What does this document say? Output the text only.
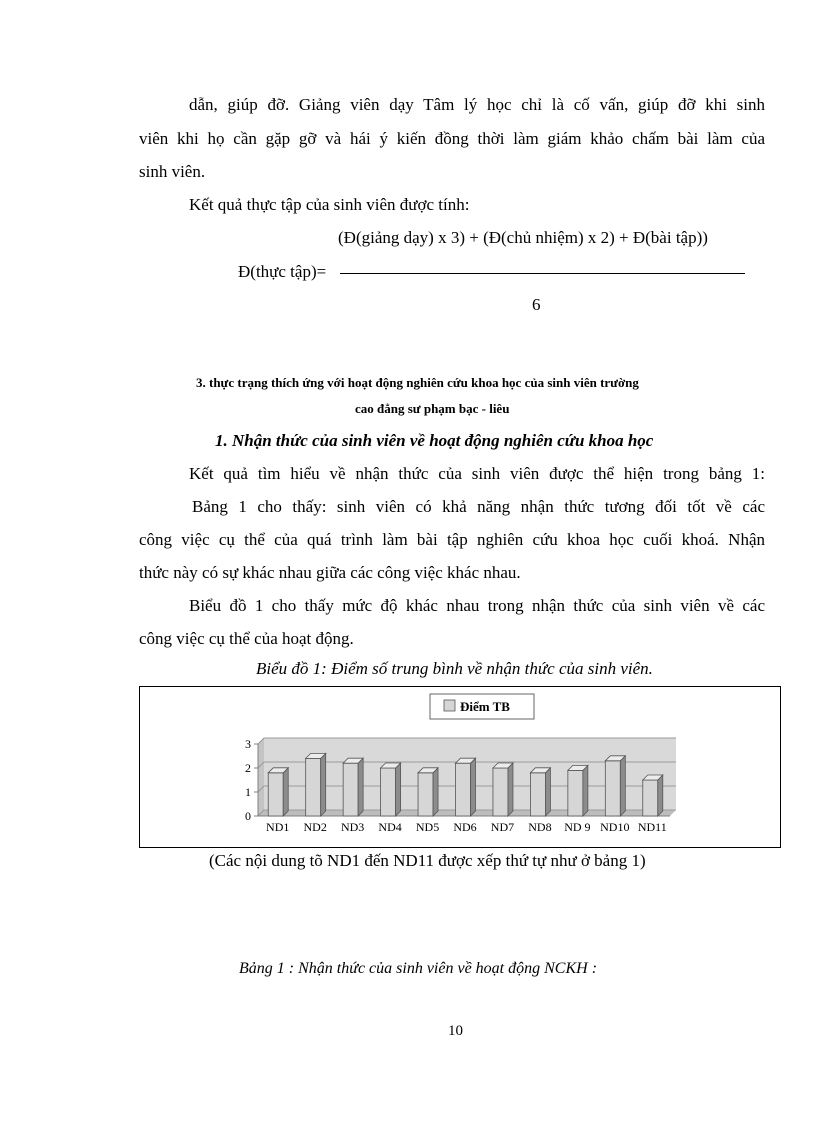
dẫn, giúp đỡ. Giảng viên dạy Tâm lý học chỉ là cố vấn, giúp đỡ khi sinh
viên khi họ cần gặp gỡ và hái ý kiến đồng thời làm giám khảo chấm bài làm của
sinh viên.
Kết quả thực tập của sinh viên được tính:
(Đ(giảng dạy) x 3) + (Đ(chủ nhiệm) x 2) + Đ(bài tập))
Đ(thực tập)=
6
3. thực trạng thích ứng với hoạt động nghiên cứu khoa học của sinh viên trường
cao đẳng sư phạm bạc - liêu
1. Nhận thức của sinh viên về hoạt động nghiên cứu khoa học
Kết quả tìm hiểu về nhận thức của sinh viên được thể hiện trong bảng 1:
Bảng 1 cho thấy: sinh viên có khả năng nhận thức tương đối tốt về các
công việc cụ thể của quá trình làm bài tập nghiên cứu khoa học cuối khoá. Nhận
thức này có sự khác nhau giữa các công việc khác nhau.
Biểu đồ 1 cho thấy mức độ khác nhau trong nhận thức của sinh viên về các
công việc cụ thể của hoạt động.
Biểu đồ 1: Điểm số trung bình về nhận thức của sinh viên.
ND1 ND2 ND3 ND4 ND5 ND6 ND7 ND8 ND 9 ND10 ND11
0
1
2
3
Điểm TB
(Các nội dung tõ ND1 đến ND11 được xếp thứ tự như ở bảng 1)
Bảng 1 : Nhận thức của sinh viên về hoạt động NCKH :
10
